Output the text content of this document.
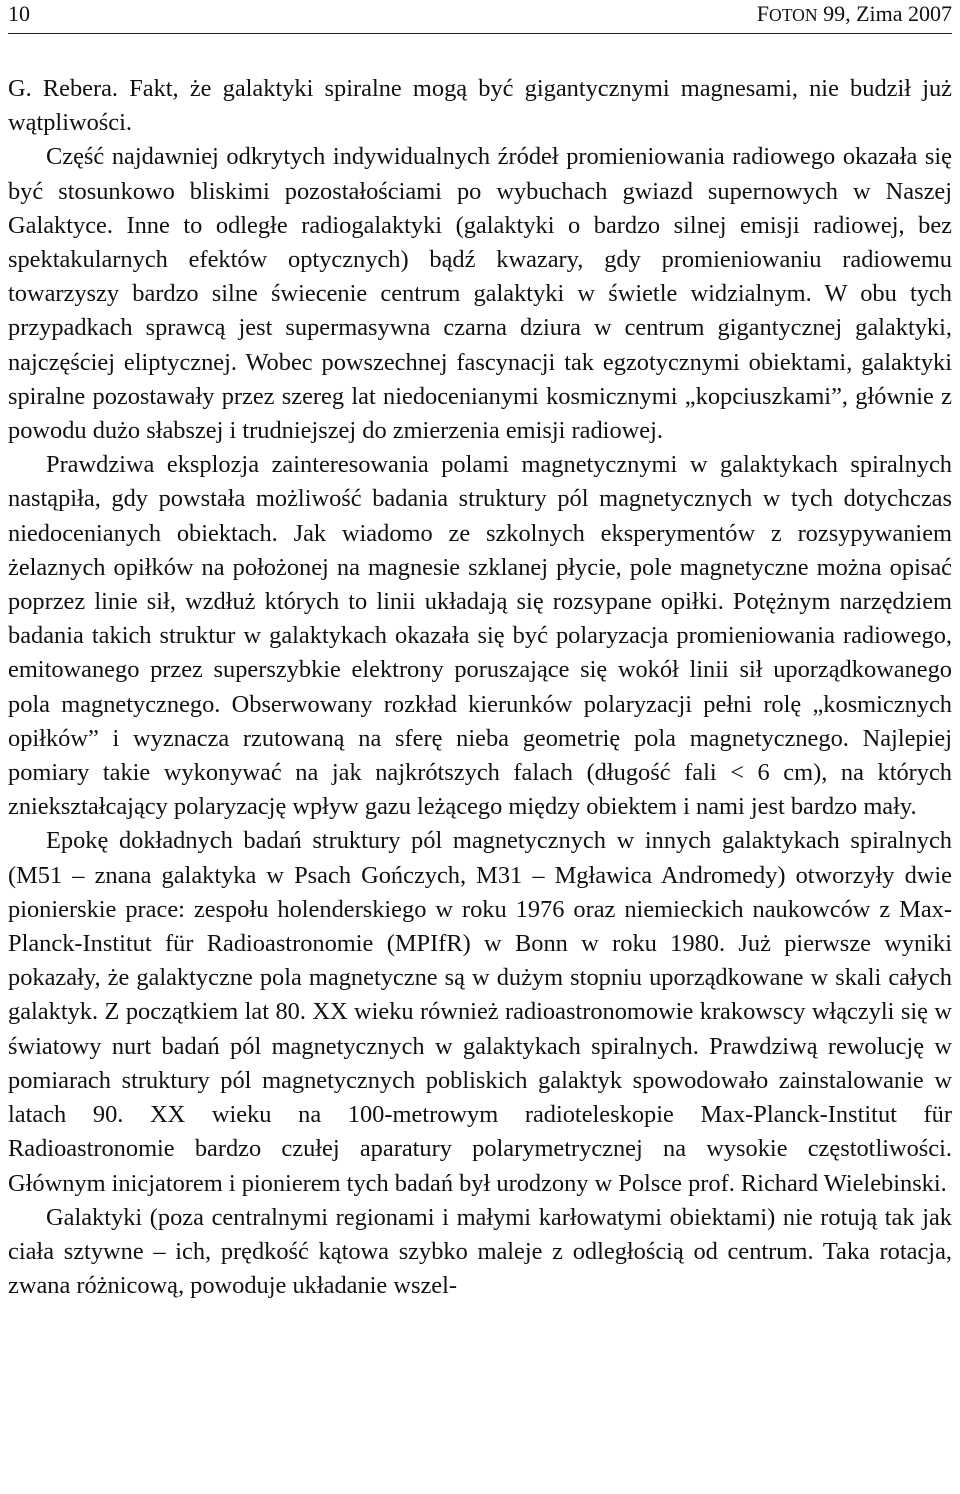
10	FOTON 99, Zima 2007

G. Rebera. Fakt, że galaktyki spiralne mogą być gigantycznymi magnesami, nie budził już wątpliwości.

Część najdawniej odkrytych indywidualnych źródeł promieniowania radiowego okazała się być stosunkowo bliskimi pozostałościami po wybuchach gwiazd supernowych w Naszej Galaktyce. Inne to odległe radiogalaktyki (galaktyki o bardzo silnej emisji radiowej, bez spektakularnych efektów optycznych) bądź kwazary, gdy promieniowaniu radiowemu towarzyszy bardzo silne świecenie centrum galaktyki w świetle widzialnym. W obu tych przypadkach sprawcą jest supermasywna czarna dziura w centrum gigantycznej galaktyki, najczęściej eliptycznej. Wobec powszechnej fascynacji tak egzotycznymi obiektami, galaktyki spiralne pozostawały przez szereg lat niedocenianymi kosmicznymi „kopciuszkami”, głównie z powodu dużo słabszej i trudniejszej do zmierzenia emisji radiowej.

Prawdziwa eksplozja zainteresowania polami magnetycznymi w galaktykach spiralnych nastąpiła, gdy powstała możliwość badania struktury pól magnetycznych w tych dotychczas niedocenianych obiektach. Jak wiadomo ze szkolnych eksperymentów z rozsypywaniem żelaznych opiłków na położonej na magnesie szklanej płycie, pole magnetyczne można opisać poprzez linie sił, wzdłuż których to linii układają się rozsypane opiłki. Potężnym narzędziem badania takich struktur w galaktykach okazała się być polaryzacja promieniowania radiowego, emitowanego przez superszybkie elektrony poruszające się wokół linii sił uporządkowanego pola magnetycznego. Obserwowany rozkład kierunków polaryzacji pełni rolę „kosmicznych opiłków” i wyznacza rzutowaną na sferę nieba geometrię pola magnetycznego. Najlepiej pomiary takie wykonywać na jak najkrótszych falach (długość fali < 6 cm), na których zniekształcający polaryzację wpływ gazu leżącego między obiektem i nami jest bardzo mały.

Epokę dokładnych badań struktury pól magnetycznych w innych galaktykach spiralnych (M51 – znana galaktyka w Psach Gończych, M31 – Mgławica Andromedy) otworzyły dwie pionierskie prace: zespołu holenderskiego w roku 1976 oraz niemieckich naukowców z Max-Planck-Institut für Radioastronomie (MPIfR) w Bonn w roku 1980. Już pierwsze wyniki pokazały, że galaktyczne pola magnetyczne są w dużym stopniu uporządkowane w skali całych galaktyk. Z początkiem lat 80. XX wieku również radioastronomowie krakowscy włączyli się w światowy nurt badań pól magnetycznych w galaktykach spiralnych. Prawdziwą rewolucję w pomiarach struktury pól magnetycznych pobliskich galaktyk spowodowało zainstalowanie w latach 90. XX wieku na 100-metrowym radioteleskopie Max-Planck-Institut für Radioastronomie bardzo czułej aparatury polarymetrycznej na wysokie częstotliwości. Głównym inicjatorem i pionierem tych badań był urodzony w Polsce prof. Richard Wielebinski.

Galaktyki (poza centralnymi regionami i małymi karłowatymi obiektami) nie rotują tak jak ciała sztywne – ich, prędkość kątowa szybko maleje z odległością od centrum. Taka rotacja, zwana różnicową, powoduje układanie wszel-
